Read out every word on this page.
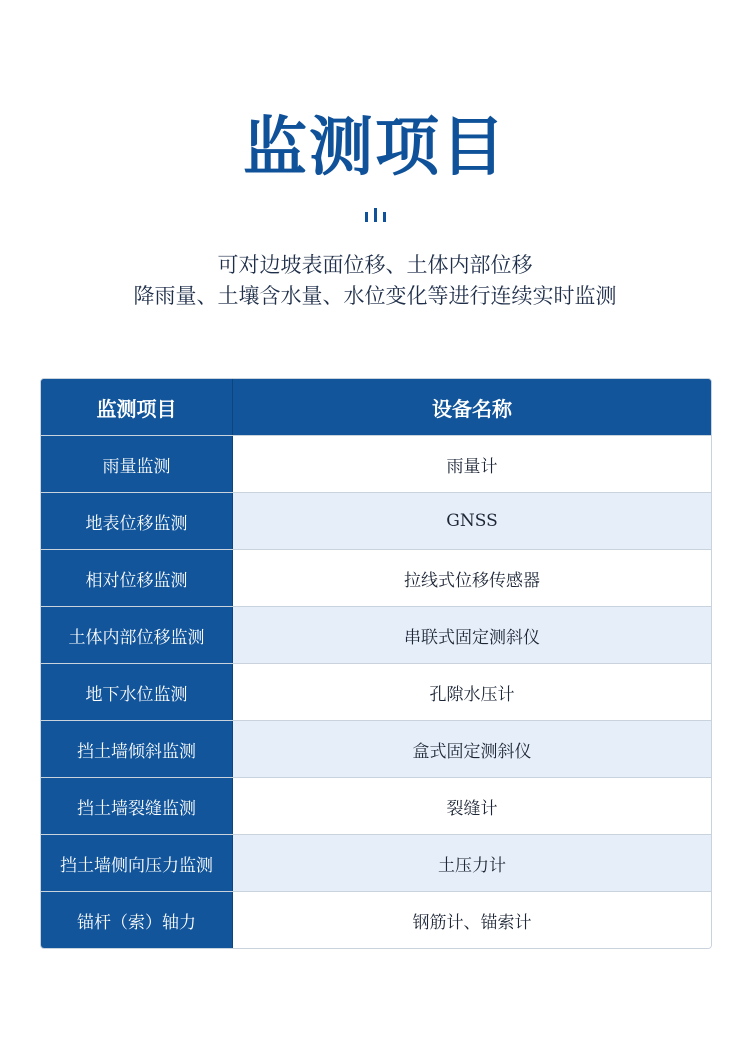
监测项目
可对边坡表面位移、土体内部位移
降雨量、土壤含水量、水位变化等进行连续实时监测
监测项目	设备名称
雨量监测	雨量计
地表位移监测	GNSS
相对位移监测	拉线式位移传感器
土体内部位移监测	串联式固定测斜仪
地下水位监测	孔隙水压计
挡土墙倾斜监测	盒式固定测斜仪
挡土墙裂缝监测	裂缝计
挡土墙侧向压力监测	土压力计
锚杆（索）轴力	钢筋计、锚索计
